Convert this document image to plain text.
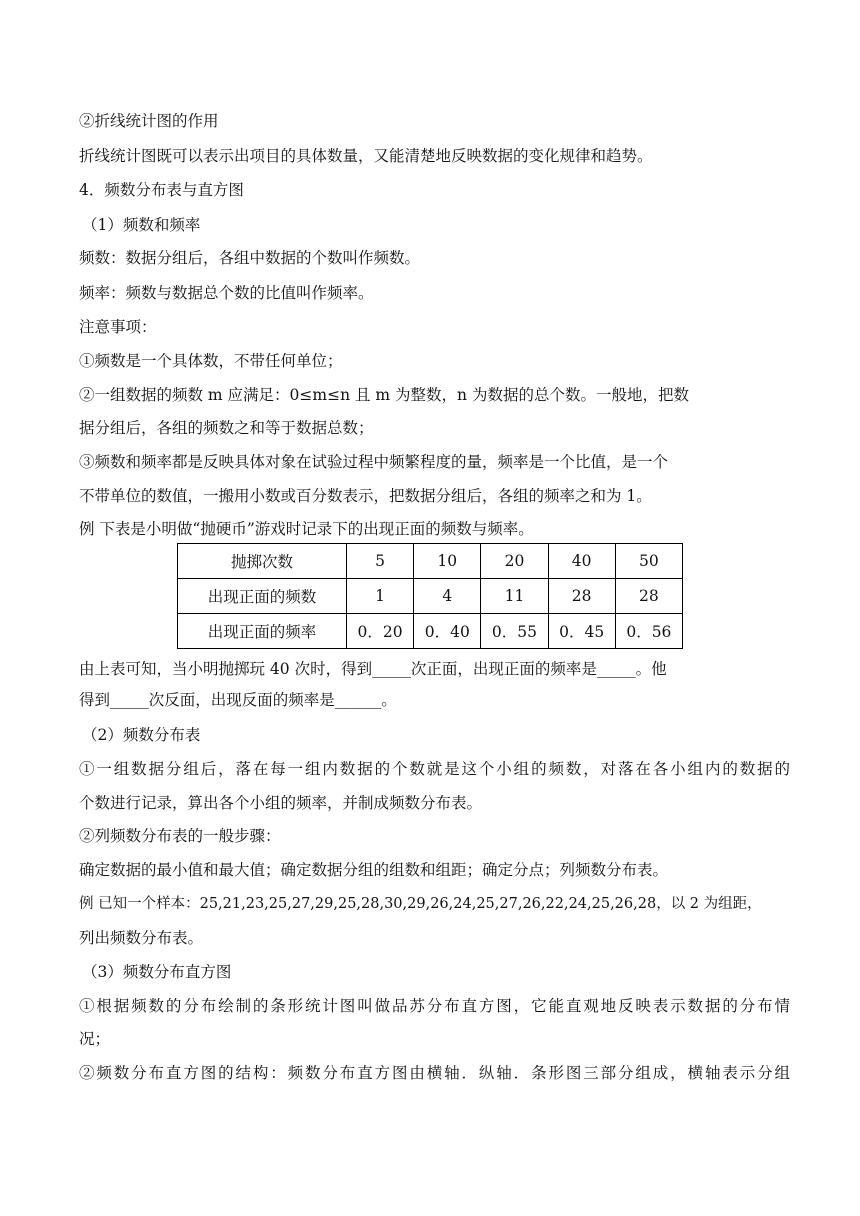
②折线统计图的作用
折线统计图既可以表示出项目的具体数量，又能清楚地反映数据的变化规律和趋势。
4．频数分布表与直方图
（1）频数和频率
频数：数据分组后，各组中数据的个数叫作频数。
频率：频数与数据总个数的比值叫作频率。
注意事项：
①频数是一个具体数，不带任何单位；
②一组数据的频数 m 应满足：0≤m≤n 且 m 为整数，n 为数据的总个数。一般地，把数
据分组后，各组的频数之和等于数据总数；
③频数和频率都是反映具体对象在试验过程中频繁程度的量，频率是一个比值，是一个
不带单位的数值，一搬用小数或百分数表示，把数据分组后，各组的频率之和为 1。
例 下表是小明做“抛硬币”游戏时记录下的出现正面的频数与频率。
抛掷次数	5	10	20	40	50
出现正面的频数	1	4	11	28	28
出现正面的频率	0．20	0．40	0．55	0．45	0．56
由上表可知，当小明抛掷玩 40 次时，得到_____次正面，出现正面的频率是_____。他
得到_____次反面，出现反面的频率是______。
（2）频数分布表
①一组数据分组后，落在每一组内数据的个数就是这个小组的频数，对落在各小组内的数据的
个数进行记录，算出各个小组的频率，并制成频数分布表。
②列频数分布表的一般步骤：
确定数据的最小值和最大值；确定数据分组的组数和组距；确定分点；列频数分布表。
例 已知一个样本：25,21,23,25,27,29,25,28,30,29,26,24,25,27,26,22,24,25,26,28，以 2 为组距，
列出频数分布表。
（3）频数分布直方图
①根据频数的分布绘制的条形统计图叫做品苏分布直方图，它能直观地反映表示数据的分布情
况；
②频数分布直方图的结构：频数分布直方图由横轴．纵轴．条形图三部分组成，横轴表示分组
